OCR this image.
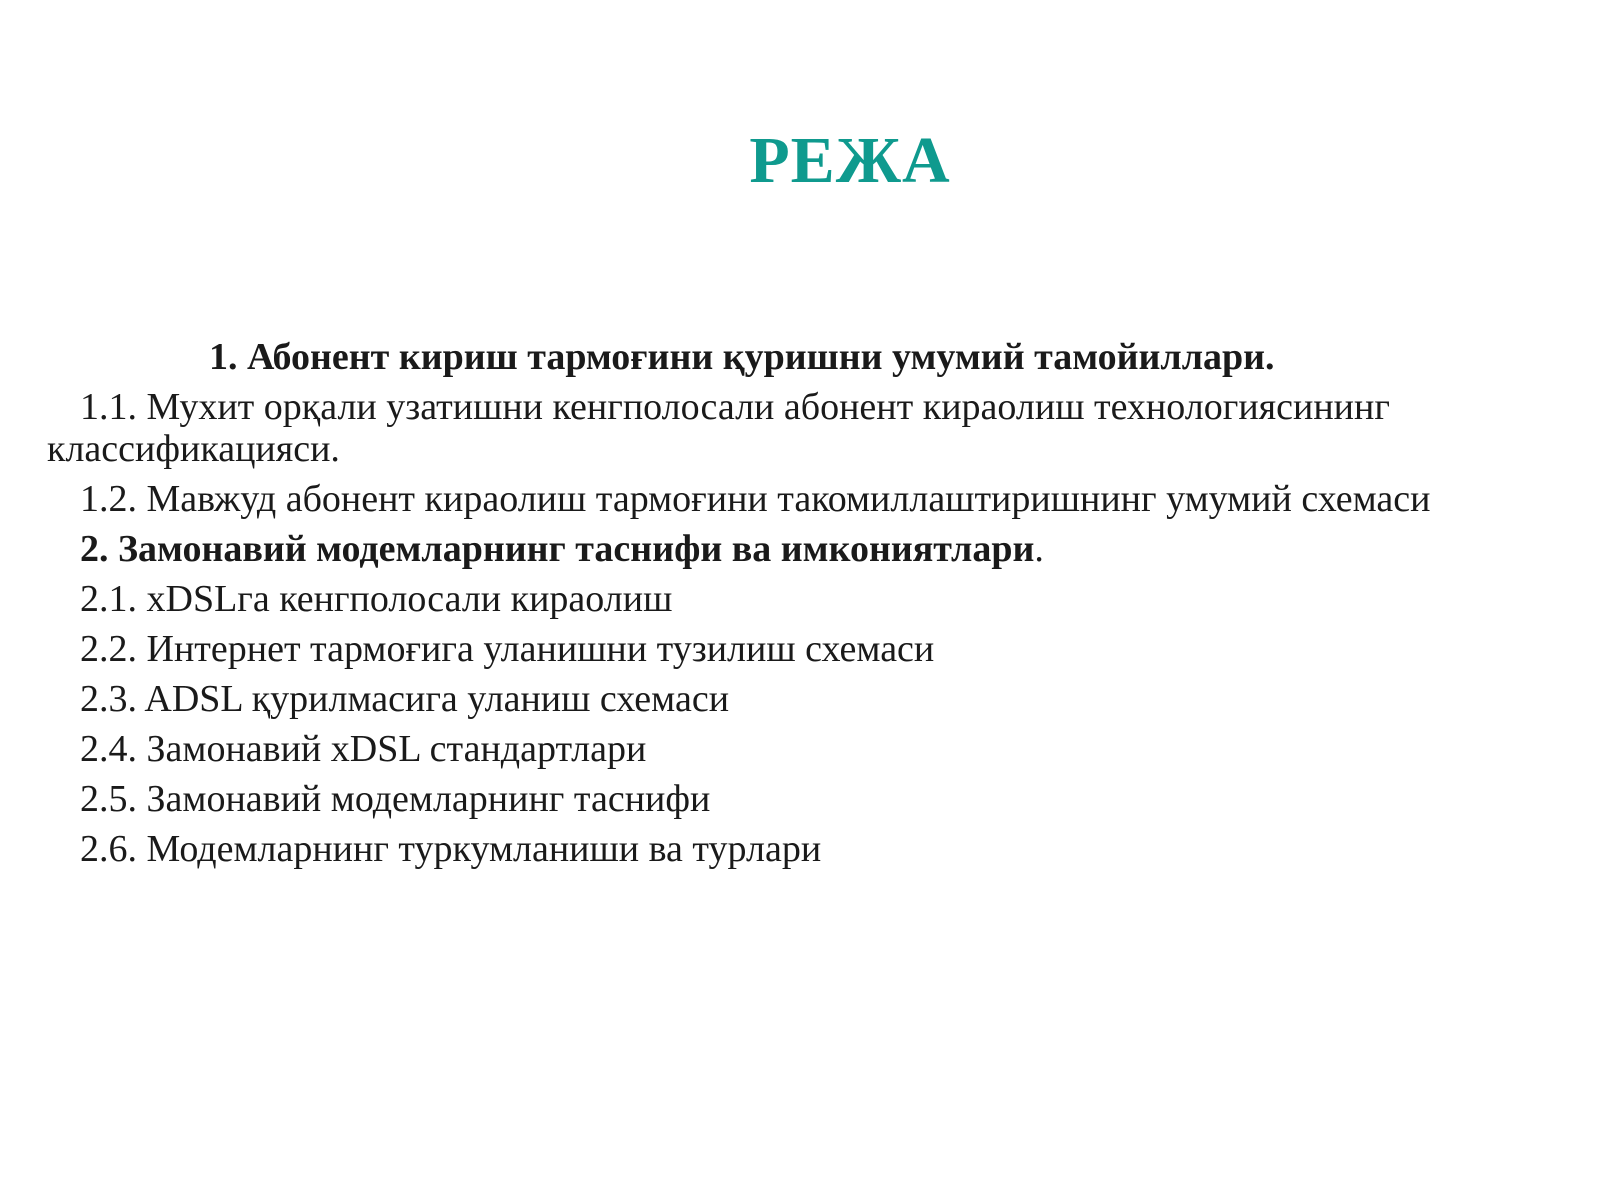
РЕЖА
1. Абонент кириш тармоғини қуришни умумий тамойиллари.
1.1. Мухит орқали узатишни кенгполосали абонент кираолиш технологиясининг классификацияси.
1.2. Мавжуд абонент кираолиш тармоғини такомиллаштиришнинг умумий схемаси
2. Замонавий модемларнинг таснифи ва имкониятлари.
2.1. xDSLга кенгполосали кираолиш
2.2. Интернет тармоғига уланишни тузилиш схемаси
2.3. ADSL қурилмасига уланиш схемаси
2.4. Замонавий xDSL стандартлари
2.5. Замонавий модемларнинг таснифи
2.6. Модемларнинг туркумланиши ва турлари
